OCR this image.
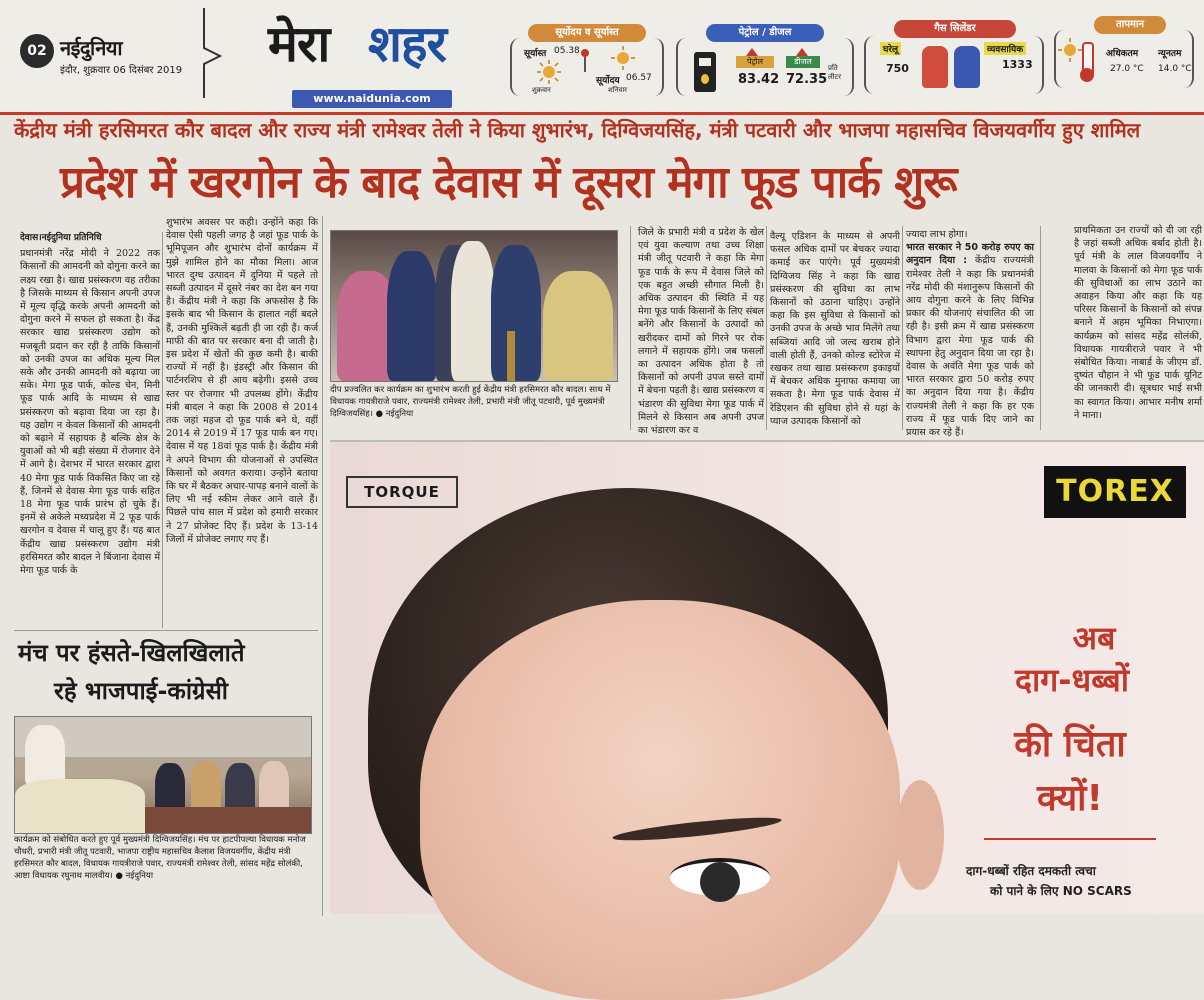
02 नईदुनिया
इंदौर, शुक्रवार 06 दिसंबर 2019 मेरा शहर
www.naidunia.com
सूर्योदय व सूर्यास्त
सूर्यास्त 05.38
सूर्योदय 06.57
शुक्रवार	शनिवार
पेट्रोल / डीजल
पेट्रोल	डीजल
83.42 72.35
प्रति लीटर
गैस सिलेंडर
घरेलू	व्यवसायिक
750	1333
तापमान
अधिकतम न्यूनतम
27.0 °C 14.0 °C
केंद्रीय मंत्री हरसिमरत कौर बादल और राज्य मंत्री रामेश्वर तेली ने किया शुभारंभ, दिग्विजयसिंह, मंत्री पटवारी और भाजपा महासचिव विजयवर्गीय हुए शामिल
प्रदेश में खरगोन के बाद देवास में दूसरा मेगा फूड पार्क शुरू
देवास।नईदुनिया प्रतिनिधि
प्रधानमंत्री नरेंद्र मोदी ने 2022 तक किसानों की आमदनी को दोगुना करने का लक्ष्य रखा है। खाद्य प्रसंस्करण वह तरीका है जिसके माध्यम से किसान अपनी उपज में मूल्य वृद्धि करके अपनी आमदनी को दोगुना करने में सफल हो सकता है। केंद्र सरकार खाद्य प्रसंस्करण उद्योग को मजबूती प्रदान कर रही है ताकि किसानों को उनकी उपज का अधिक मूल्य मिल सके और उनकी आमदनी को बढ़ाया जा सके। मेगा फूड पार्क, कोल्ड चेन, मिनी फूड पार्क आदि के माध्यम से खाद्य प्रसंस्करण को बढ़ावा दिया जा रहा है। यह उद्योग न केवल किसानों की आमदनी को बढ़ाने में सहायक है बल्कि क्षेत्र के युवाओं को भी बड़ी संख्या में रोजगार देने में आगे है। देशभर में भारत सरकार द्वारा 40 मेगा फूड पार्क विकसित किए जा रहे हैं, जिनमें से देवास मेगा फूड पार्क सहित 18 मेगा फूड पार्क प्रारंभ हो चुके हैं। इनमें से अकेले मध्यप्रदेश में 2 फूड पार्क खरगोन व देवास में चालू हुए हैं। यह बात केंद्रीय खाद्य प्रसंस्करण उद्योग मंत्री हरसिमरत कौर बादल ने बिंजाना देवास में मेगा फूड पार्क के
शुभारंभ अवसर पर कही। उन्होंने कहा कि देवास ऐसी पहली जगह है जहां फूड पार्क के भूमिपूजन और शुभारंभ दोनों कार्यक्रम में मुझे शामिल होने का मौका मिला। आज भारत दुग्ध उत्पादन में दुनिया में पहले तो सब्जी उत्पादन में दूसरे नंबर का देश बन गया है। केंद्रीय मंत्री ने कहा कि अफसोस है कि इसके बाद भी किसान के हालात नहीं बदले हैं, उनकी मुश्किलें बढ़ती ही जा रही हैं। कर्ज माफी की बात पर सरकार बना दी जाती है। इस प्रदेश में खेतों की कुछ कमी है। बाकी राज्यों में नहीं है। इंडस्ट्री और किसान की पार्टनरशिप से ही आय बढ़ेगी। इससे उच्च स्तर पर रोजगार भी उपलब्ध होंगे। केंद्रीय मंत्री बादल ने कहा कि 2008 से 2014 तक जहां महज दो फूड पार्क बने थे, वहीं 2014 से 2019 में 17 फूड पार्क बन गए। देवास में यह 18वां फूड पार्क है। केंद्रीय मंत्री ने अपने विभाग की योजनाओं से उपस्थित किसानों को अवगत कराया। उन्होंने बताया कि घर में बैठकर अचार-पापड़ बनाने वालों के लिए भी नई स्कीम लेकर आने वाले हैं। पिछले पांच साल में प्रदेश को हमारी सरकार ने 27 प्रोजेक्ट दिए हैं। प्रदेश के 13-14 जिलों में प्रोजेक्ट लगाए गए हैं।
दीप प्रज्वलित कर कार्यक्रम का शुभारंभ करती हुई केंद्रीय मंत्री हरसिमरत कौर बादल। साथ में विधायक गायत्रीराजे पवार, राज्यमंत्री रामेश्वर तेली, प्रभारी मंत्री जीतू पटवारी, पूर्व मुख्यमंत्री दिग्विजयसिंह। ● नईदुनिया
जिले के प्रभारी मंत्री व प्रदेश के खेल एवं युवा कल्याण तथा उच्च शिक्षा मंत्री जीतू पटवारी ने कहा कि मेगा फूड पार्क के रूप में देवास जिले को एक बहुत अच्छी सौगात मिली है। अधिक उत्पादन की स्थिति में यह मेगा फूड पार्क किसानों के लिए संबल बनेंगे और किसानों के उत्पादों को खरीदकर दामों को गिरने पर रोक लगाने में सहायक होंगे। जब फसलों का उत्पादन अधिक होता है तो किसानों को अपनी उपज सस्ते दामों में बेचना पड़ती है। खाद्य प्रसंस्करण व भंडारण की सुविधा मेगा फूड पार्क में मिलने से किसान अब अपनी उपज का भंडारण कर व
वैल्यू एडिशन के माध्यम से अपनी फसल अधिक दामों पर बेचकर ज्यादा कमाई कर पाएंगे। पूर्व मुख्यमंत्री दिग्विजय सिंह ने कहा कि खाद्य प्रसंस्करण की सुविधा का लाभ किसानों को उठाना चाहिए। उन्होंने कहा कि इस सुविधा से किसानों को उनकी उपज के अच्छे भाव मिलेंगे तथा सब्जियां आदि जो जल्द खराब होने वाली होती हैं, उनको कोल्ड स्टोरेज में रखकर तथा खाद्य प्रसंस्करण इकाइयों में बेचकर अधिक मुनाफा कमाया जा सकता है। मेगा फूड पार्क देवास में रेडिएशन की सुविधा होने से यहां के प्याज उत्पादक किसानों को
ज्यादा लाभ होगा।
भारत सरकार ने 50 करोड़ रुपए का अनुदान दिया : केंद्रीय राज्यमंत्री रामेश्वर तेली ने कहा कि प्रधानमंत्री नरेंद्र मोदी की मंशानुरूप किसानों की आय दोगुना करने के लिए विभिन्न प्रकार की योजनाएं संचालित की जा रही है। इसी क्रम में खाद्य प्रसंस्करण विभाग द्वारा मेगा फूड पार्क की स्थापना हेतु अनुदान दिया जा रहा है। देवास के अवंति मेगा फूड पार्क को भारत सरकार द्वारा 50 करोड़ रुपए का अनुदान दिया गया है। केंद्रीय राज्यमंत्री तेली ने कहा कि हर एक राज्य में फूड पार्क दिए जाने का प्रयास कर रहे हैं।
प्राथमिकता उन राज्यों को दी जा रही है जहां सब्जी अधिक बर्बाद होती है। पूर्व मंत्री के लाल विजयवर्गीय ने मालवा के किसानों को मेगा फूड पार्क की सुविधाओं का लाभ उठाने का अवाहन किया और कहा कि यह परिसर किसानों के किसानों को संपन्न बनाने में अहम भूमिका निभाएगा। कार्यक्रम को सांसद महेंद्र सोलंकी, विधायक गायत्रीराजे पवार ने भी संबोधित किया। नाबार्ड के जीएम डॉ. दुष्यंत चौहान ने भी फूड पार्क यूनिट की जानकारी दी। सूत्रधार भाई सभी का स्वागत किया। आभार मनीष शर्मा ने माना।
मंच पर हंसते-खिलखिलाते
रहे भाजपाई-कांग्रेसी
कार्यक्रम को संबोधित करते हुए पूर्व मुख्यमंत्री दिग्विजयसिंह। मंच पर हाटपीपल्या विधायक मनोज चौधरी, प्रभारी मंत्री जीतू पटवारी, भाजपा राष्ट्रीय महासचिव कैलाश विजयवर्गीय, केंद्रीय मंत्री हरसिमरत कौर बादल, विधायक गायत्रीराजे पवार, राज्यमंत्री रामेश्वर तेली, सांसद महेंद्र सोलंकी, आष्टा विधायक रघुनाथ मालवीय। ● नईदुनिया
TORQUE	TOREX
अब
दाग-धब्बों
की चिंता
क्यों!
दाग-धब्बों रहित दमकती त्वचा
को पाने के लिए NO SCARS
